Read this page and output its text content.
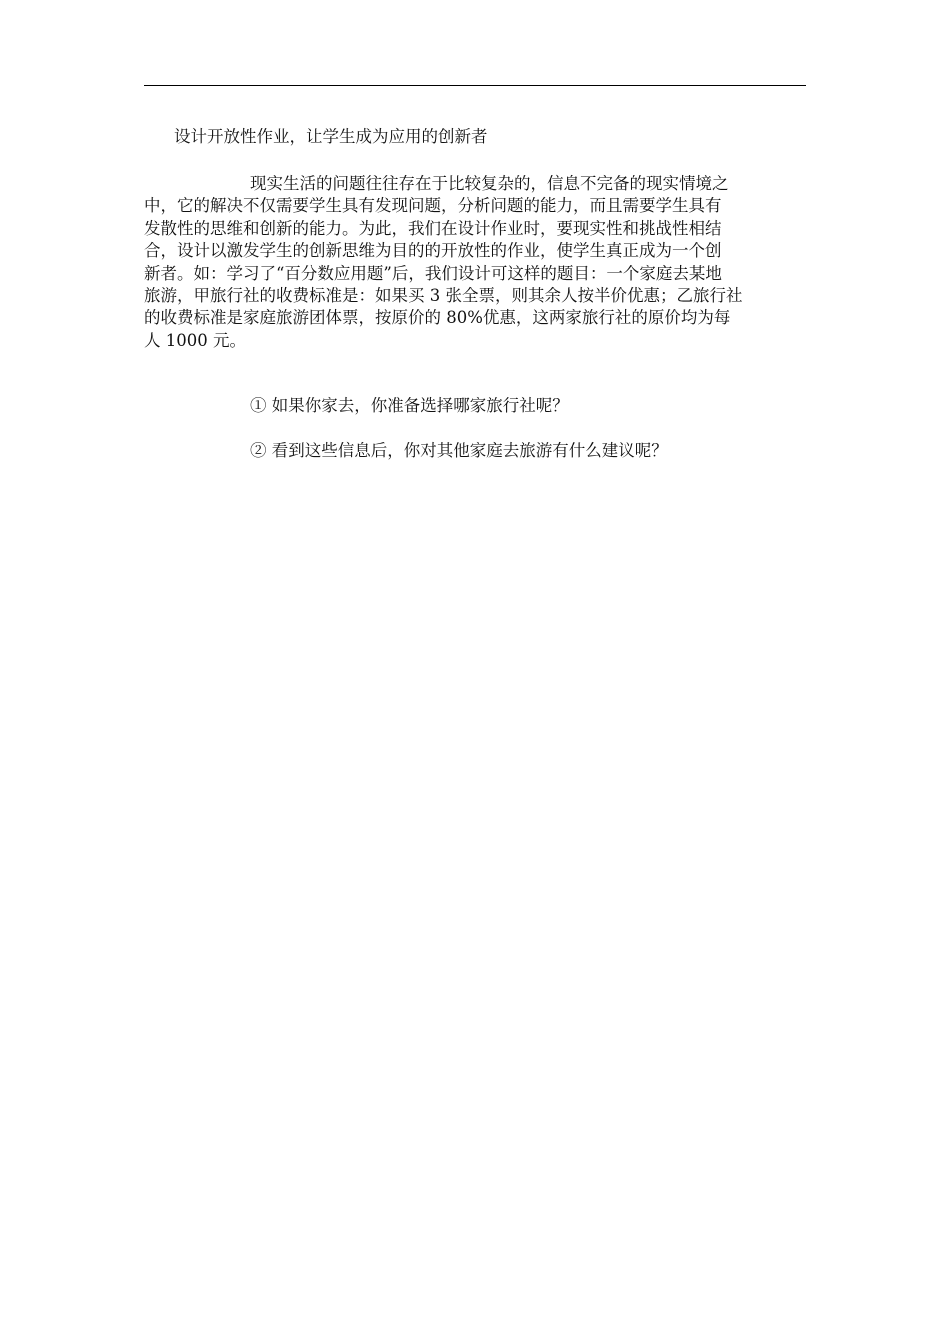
设计开放性作业，让学生成为应用的创新者
现实生活的问题往往存在于比较复杂的，信息不完备的现实情境之
中，它的解决不仅需要学生具有发现问题，分析问题的能力，而且需要学生具有
发散性的思维和创新的能力。为此，我们在设计作业时，要现实性和挑战性相结
合，设计以激发学生的创新思维为目的的开放性的作业，使学生真正成为一个创
新者。如：学习了“百分数应用题”后，我们设计可这样的题目：一个家庭去某地
旅游，甲旅行社的收费标准是：如果买 3 张全票，则其余人按半价优惠；乙旅行社
的收费标准是家庭旅游团体票，按原价的 80%优惠，这两家旅行社的原价均为每
人 1000 元。
① 如果你家去，你准备选择哪家旅行社呢？
② 看到这些信息后，你对其他家庭去旅游有什么建议呢？
